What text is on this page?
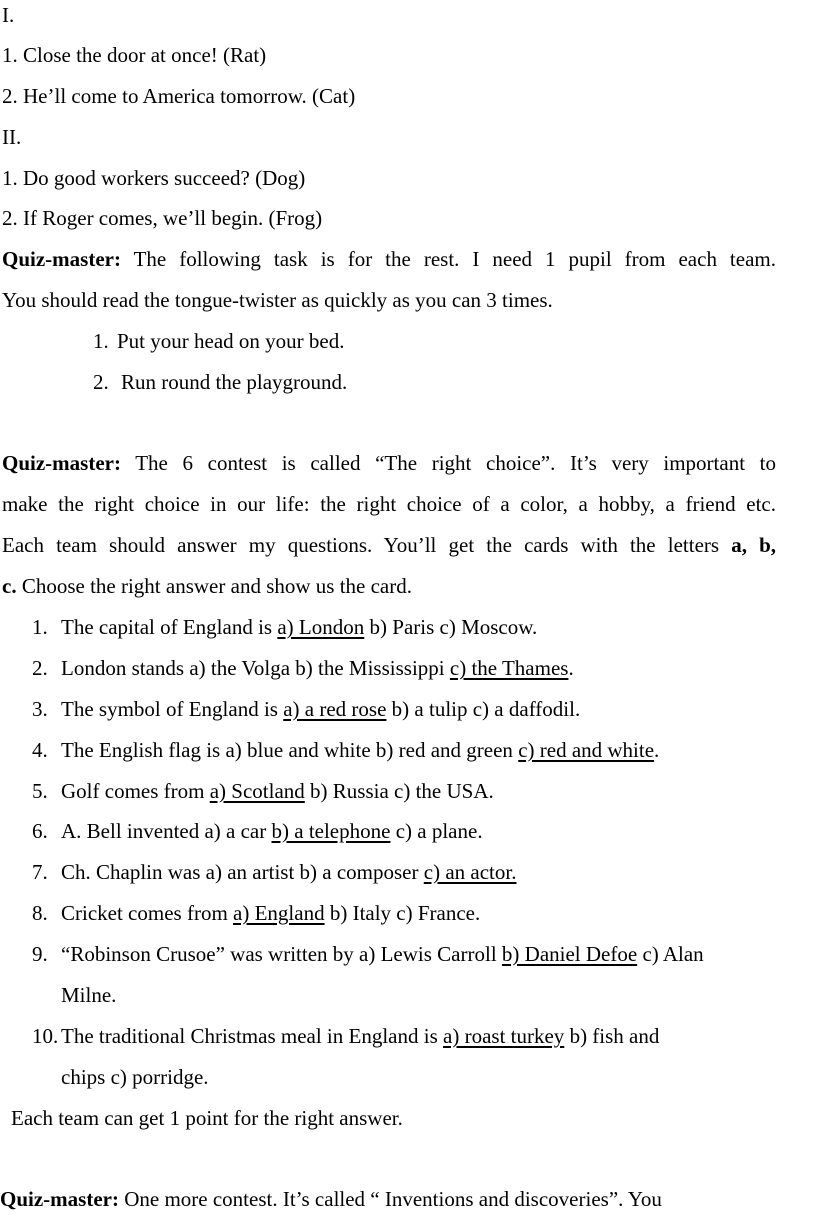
I.
1. Close the door at once! (Rat)
2. He’ll come to America tomorrow. (Cat)
II.
1. Do good workers succeed? (Dog)
2. If Roger comes, we’ll begin. (Frog)
Quiz-master: The following task is for the rest. I need 1 pupil from each team.
You should read the tongue-twister as quickly as you can 3 times.
1. Put your head on your bed.
2. Run round the playground.
Quiz-master: The 6 contest is called “The right choice”. It’s very important to
make the right choice in our life: the right choice of a color, a hobby, a friend etc.
Each team should answer my questions. You’ll get the cards with the letters a, b,
c. Choose the right answer and show us the card.
1. The capital of England is a) London b) Paris c) Moscow.
2. London stands a) the Volga b) the Mississippi c) the Thames.
3. The symbol of England is a) a red rose b) a tulip c) a daffodil.
4. The English flag is a) blue and white b) red and green c) red and white.
5. Golf comes from a) Scotland b) Russia c) the USA.
6. A. Bell invented a) a car b) a telephone c) a plane.
7. Ch. Chaplin was a) an artist b) a composer c) an actor.
8. Cricket comes from a) England b) Italy c) France.
9. “Robinson Crusoe” was written by a) Lewis Carroll b) Daniel Defoe c) Alan
Milne.
10. The traditional Christmas meal in England is a) roast turkey b) fish and
chips c) porridge.
Each team can get 1 point for the right answer.
Quiz-master: One more contest. It’s called “ Inventions and discoveries”. You
